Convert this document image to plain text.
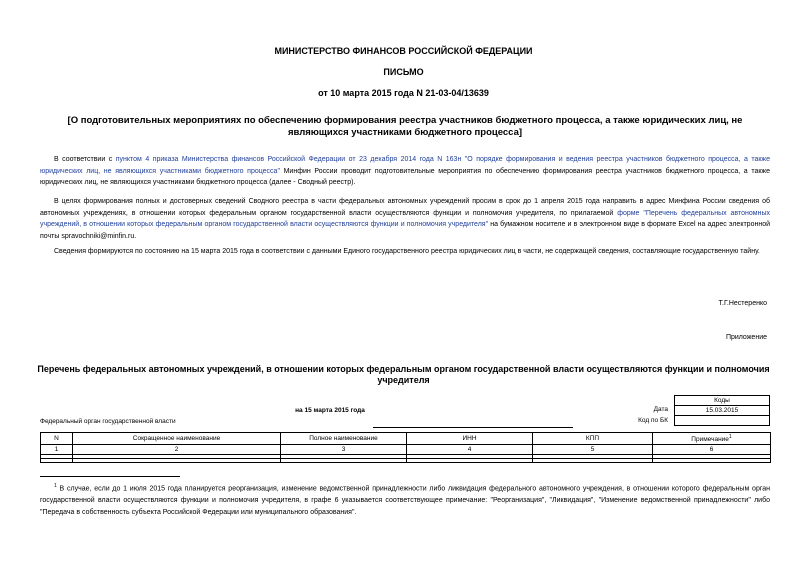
МИНИСТЕРСТВО ФИНАНСОВ РОССИЙСКОЙ ФЕДЕРАЦИИ
ПИСЬМО
от 10 марта 2015 года N 21-03-04/13639
[О подготовительных мероприятиях по обеспечению формирования реестра участников бюджетного процесса, а также юридических лиц, не являющихся участниками бюджетного процесса]
В соответствии с пунктом 4 приказа Министерства финансов Российской Федерации от 23 декабря 2014 года N 163н "О порядке формирования и ведения реестра участников бюджетного процесса, а также юридических лиц, не являющихся участниками бюджетного процесса" Минфин России проводит подготовительные мероприятия по обеспечению формирования реестра участников бюджетного процесса, а также юридических лиц, не являющихся участниками бюджетного процесса (далее - Сводный реестр).
В целях формирования полных и достоверных сведений Сводного реестра в части федеральных автономных учреждений просим в срок до 1 апреля 2015 года направить в адрес Минфина России сведения об автономных учреждениях, в отношении которых федеральным органом государственной власти осуществляются функции и полномочия учредителя, по прилагаемой форме "Перечень федеральных автономных учреждений, в отношении которых федеральным органом государственной власти осуществляются функции и полномочия учредителя" на бумажном носителе и в электронном виде в формате Excel на адрес электронной почты spravochniki@minfin.ru.
Сведения формируются по состоянию на 15 марта 2015 года в соответствии с данными Единого государственного реестра юридических лиц в части, не содержащей сведения, составляющие государственную тайну.
Т.Г.Нестеренко
Приложение
Перечень федеральных автономных учреждений, в отношении которых федеральным органом государственной власти осуществляются функции и полномочия учредителя
Коды
15.03.2015
Дата
Код по БК
на 15 марта 2015 года
Федеральный орган государственной власти
N	Сокращенное наименование	Полное наименование	ИНН	КПП	Примечание$^1$
1	2	3	4	5	6

$^1$ В случае, если до 1 июля 2015 года планируется реорганизация, изменение ведомственной принадлежности либо ликвидация федерального автономного учреждения, в отношении которого федеральным орган государственной власти осуществляются функции и полномочия учредителя, в графе 6 указывается соответствующее примечание: "Реорганизация", "Ликвидация", "Изменение ведомственной принадлежности" либо "Передача в собственность субъекта Российской Федерации или муниципального образования".
